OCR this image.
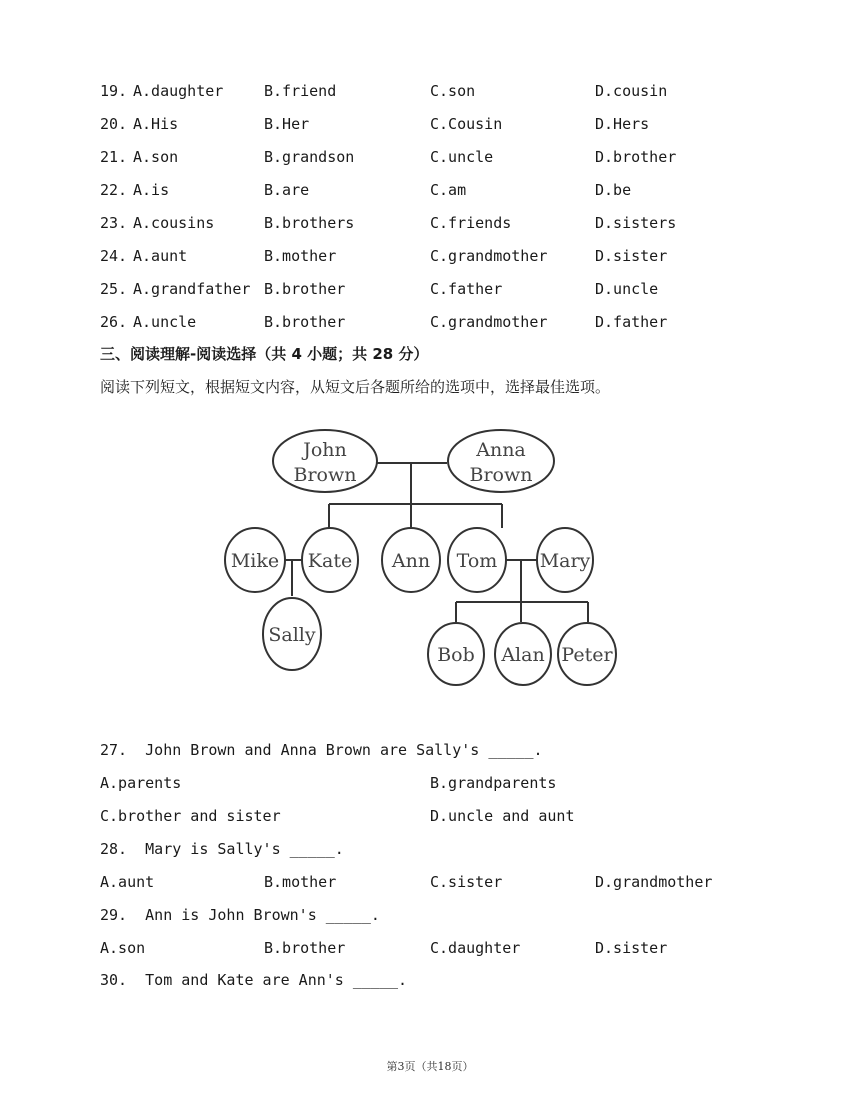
19. A.daughter	B.friend	C.son	D.cousin
20. A.His	B.Her	C.Cousin	D.Hers
21. A.son	B.grandson	C.uncle	D.brother
22. A.is	B.are	C.am	D.be
23. A.cousins	B.brothers	C.friends	D.sisters
24. A.aunt	B.mother	C.grandmother	D.sister
25. A.grandfather B.brother	C.father	D.uncle
26. A.uncle	B.brother	C.grandmother	D.father
三、阅读理解-阅读选择（共 4 小题；共 28 分）
阅读下列短文，根据短文内容，从短文后各题所给的选项中，选择最佳选项。
John
Brown
Anna
Brown
Mike Kate Ann Tom Mary
Sally
Bob Alan Peter
27.  John Brown and Anna Brown are Sally's _____.
A.parents	B.grandparents
C.brother and sister	D.uncle and aunt
28.  Mary is Sally's _____.
A.aunt	B.mother	C.sister	D.grandmother
29.  Ann is John Brown's _____.
A.son	B.brother	C.daughter	D.sister
30.  Tom and Kate are Ann's _____.
第3页（共18页）
